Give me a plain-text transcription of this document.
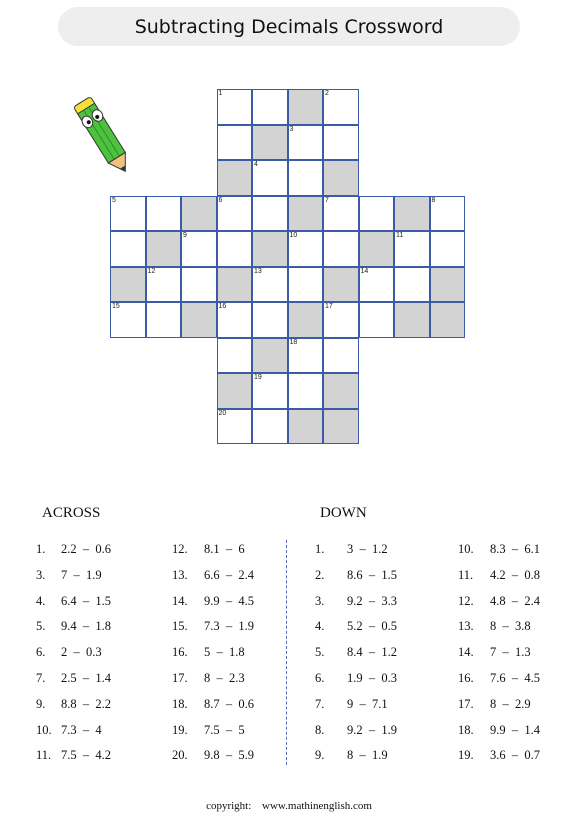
Subtracting Decimals Crossword
1	2
3
4
5	6	7	8
9	10	11
12	13	14
15	16	17
18
19
20
ACROSS	DOWN
1. 2.2  –  0.6
3. 7  –  1.9
4. 6.4  –  1.5
5. 9.4  –  1.8
6. 2  –  0.3
7. 2.5  –  1.4
9. 8.8  –  2.2
10. 7.3  –  4
11. 7.5  –  4.2
12. 8.1  –  6
13. 6.6  –  2.4
14. 9.9  –  4.5
15. 7.3  –  1.9
16. 5  –  1.8
17. 8  –  2.3
18. 8.7  –  0.6
19. 7.5  –  5
20. 9.8  –  5.9
1. 3  –  1.2
2. 8.6  –  1.5
3. 9.2  –  3.3
4. 5.2  –  0.5
5. 8.4  –  1.2
6. 1.9  –  0.3
7. 9  –  7.1
8. 9.2  –  1.9
9. 8  –  1.9
10. 8.3  –  6.1
11. 4.2  –  0.8
12. 4.8  –  2.4
13. 8  –  3.8
14. 7  –  1.3
16. 7.6  –  4.5
17. 8  –  2.9
18. 9.9  –  1.4
19. 3.6  –  0.7
copyright: www.mathinenglish.com
